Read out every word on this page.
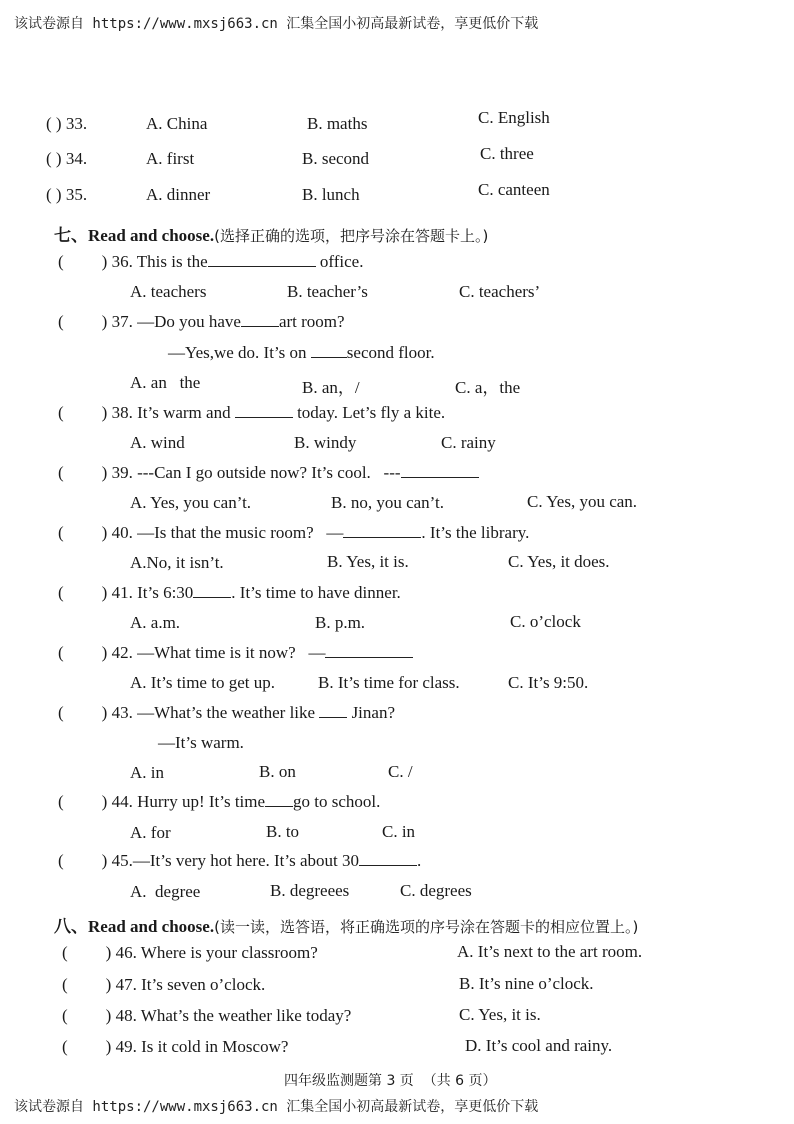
该试卷源自 https://www.mxsj663.cn 汇集全国小初高最新试卷，享更低价下载
( ) 33.	A. China	B. maths	C. English
( ) 34.	A. first	B. second	C. three
( ) 35.	A. dinner	B. lunch	C. canteen
七、Read and choose.(选择正确的选项，把序号涂在答题卡上。)
( ) 36. This is the	office.
A. teachers	B. teacher’s	C. teachers’
( ) 37. —Do you have art room?
—Yes,we do. It’s on second floor.
A. an   the	B. an，/	C. a，the
( ) 38. It’s warm and	today. Let’s fly a kite.
A. wind	B. windy	C. rainy
( ) 39. ---Can I go outside now? It’s cool.   ---
A. Yes, you can’t.	B. no, you can’t.	C. Yes, you can.
( ) 40. —Is that the music room?   —	. It’s the library.
A.No, it isn’t.	B. Yes, it is.	C. Yes, it does.
( ) 41. It’s 6:30 . It’s time to have dinner.
A. a.m.	B. p.m.	C. o’clock
( ) 42. —What time is it now?   —
A. It’s time to get up.	B. It’s time for class.	C. It’s 9:50.
( ) 43. —What’s the weather like Jinan?
—It’s warm.
A. in	B. on	C. /
( ) 44. Hurry up! It’s time go to school.
A. for	B. to	C. in
( ) 45.—It’s very hot here. It’s about 30	.
A.  degree	B. degreees	C. degrees
八、Read and choose.(读一读，选答语，将正确选项的序号涂在答题卡的相应位置上。)
( ) 46. Where is your classroom?	A. It’s next to the art room.
( ) 47. It’s seven o’clock.	B. It’s nine o’clock.
( ) 48. What’s the weather like today?	C. Yes, it is.
( ) 49. Is it cold in Moscow?	D. It’s cool and rainy.
四年级监测题第 3 页  （共 6 页）
该试卷源自 https://www.mxsj663.cn 汇集全国小初高最新试卷，享更低价下载
